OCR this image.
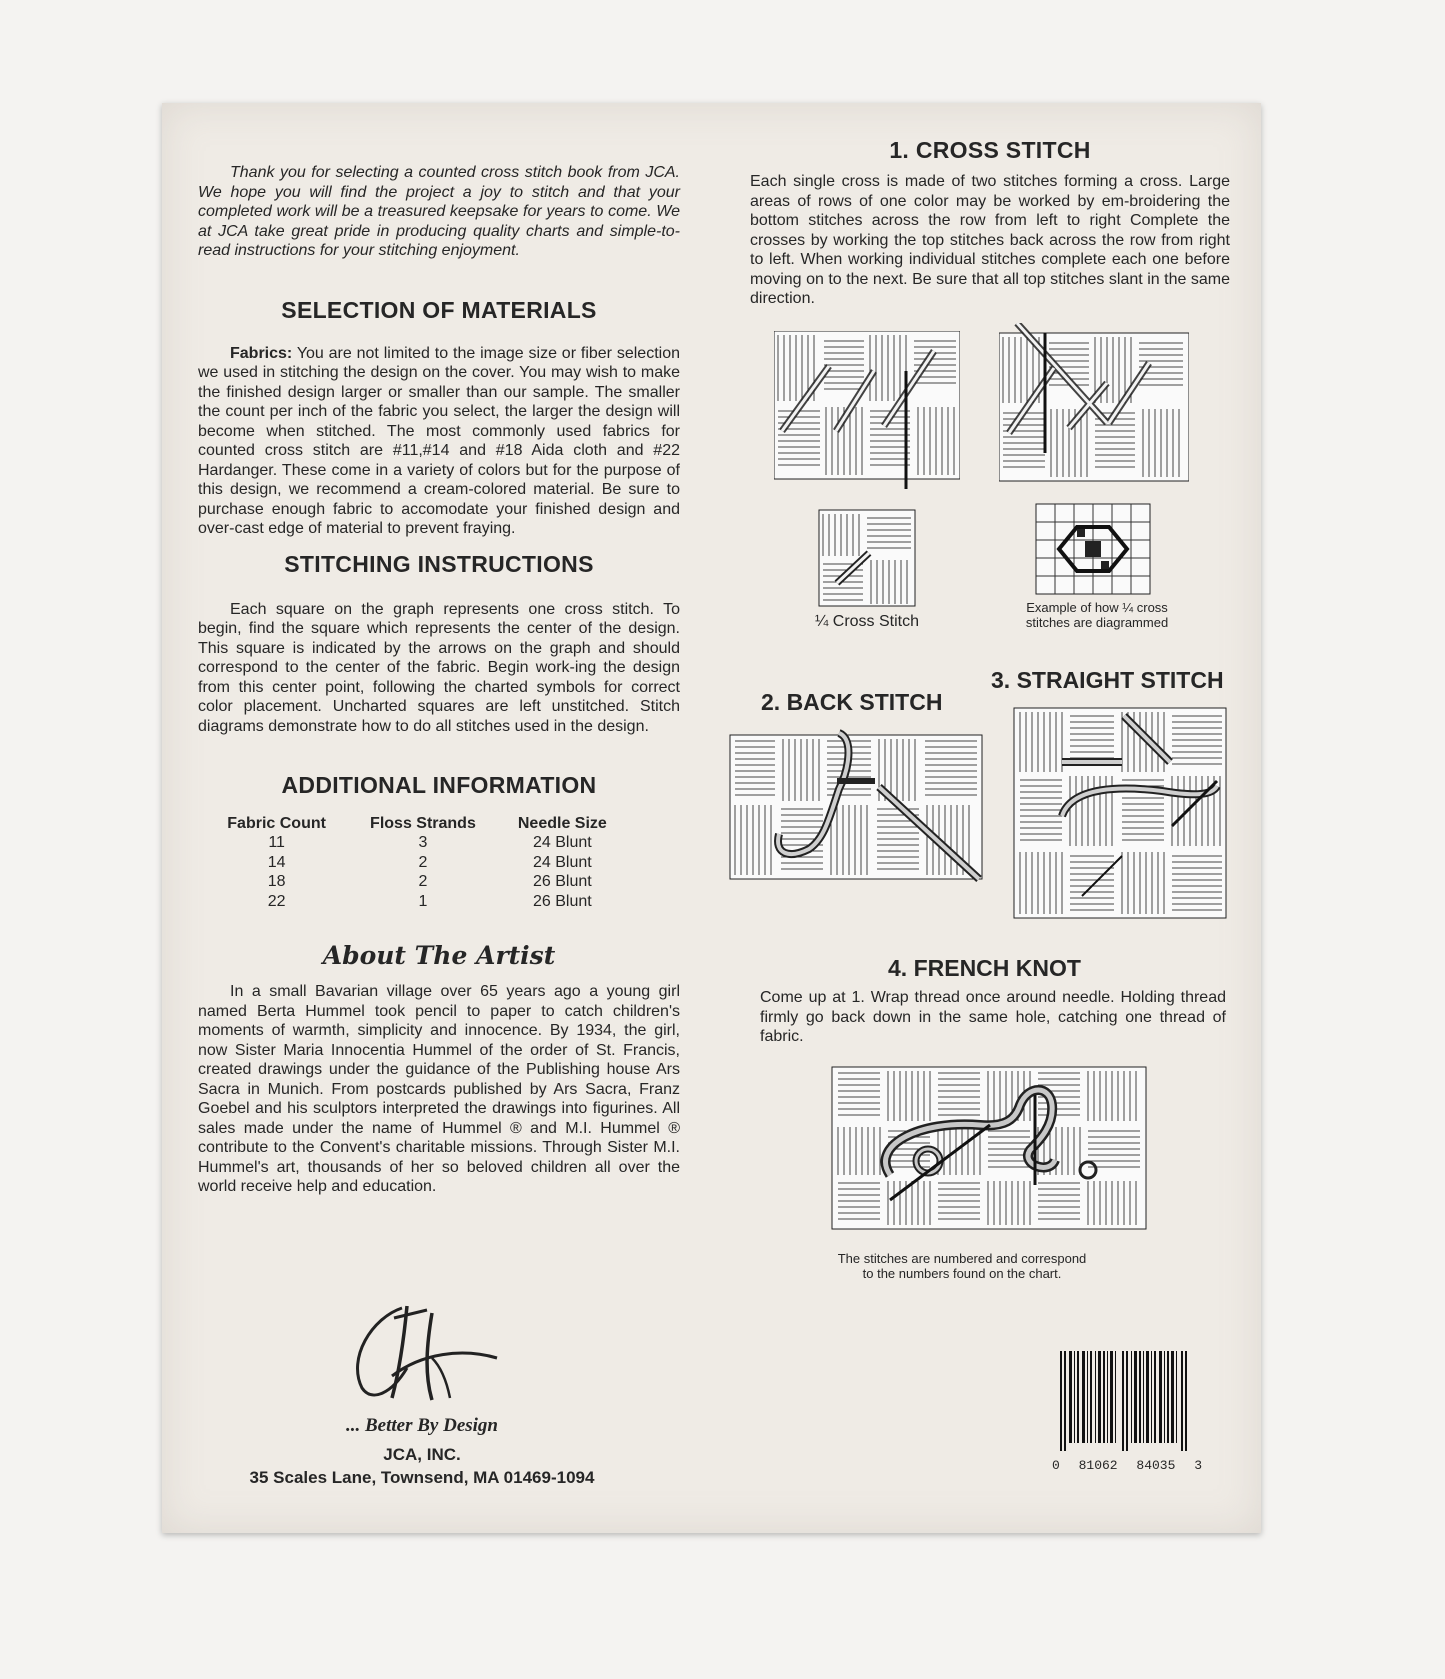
Thank you for selecting a counted cross stitch book from JCA. We hope you will find the project a joy to stitch and that your completed work will be a treasured keepsake for years to come. We at JCA take great pride in producing quality charts and simple-to-read instructions for your stitching enjoyment.

SELECTION OF MATERIALS

Fabrics: You are not limited to the image size or fiber selection we used in stitching the design on the cover. You may wish to make the finished design larger or smaller than our sample. The smaller the count per inch of the fabric you select, the larger the design will become when stitched. The most commonly used fabrics for counted cross stitch are #11,#14 and #18 Aida cloth and #22 Hardanger. These come in a variety of colors but for the purpose of this design, we recommend a cream-colored material. Be sure to purchase enough fabric to accomodate your finished design and over-cast edge of material to prevent fraying.

STITCHING INSTRUCTIONS

Each square on the graph represents one cross stitch. To begin, find the square which represents the center of the design. This square is indicated by the arrows on the graph and should correspond to the center of the fabric. Begin work-ing the design from this center point, following the charted symbols for correct color placement. Uncharted squares are left unstitched. Stitch diagrams demonstrate how to do all stitches used in the design.

ADDITIONAL INFORMATION
Fabric Count	Floss Strands	Needle Size
11	3	24 Blunt
14	2	24 Blunt
18	2	26 Blunt
22	1	26 Blunt
About The Artist

In a small Bavarian village over 65 years ago a young girl named Berta Hummel took pencil to paper to catch children's moments of warmth, simplicity and innocence. By 1934, the girl, now Sister Maria Innocentia Hummel of the order of St. Francis, created drawings under the guidance of the Publishing house Ars Sacra in Munich. From postcards published by Ars Sacra, Franz Goebel and his sculptors interpreted the drawings into figurines. All sales made under the name of Hummel ® and M.I. Hummel ® contribute to the Convent's charitable missions. Through Sister M.I. Hummel's art, thousands of her so beloved children all over the world receive help and education.

... Better By Design
JCA, INC.
35 Scales Lane, Townsend, MA 01469-1094
1. CROSS STITCH

Each single cross is made of two stitches forming a cross. Large areas of rows of one color may be worked by em-broidering the bottom stitches across the row from left to right Complete the crosses by working the top stitches back across the row from right to left. When working individual stitches complete each one before moving on to the next. Be sure that all top stitches slant in the same direction.

¼ Cross Stitch
Example of how ¼ cross
stitches are diagrammed
2. BACK STITCH
3. STRAIGHT STITCH
4. FRENCH KNOT

Come up at 1. Wrap thread once around needle. Holding thread firmly go back down in the same hole, catching one thread of fabric.

The stitches are numbered and correspond
to the numbers found on the chart.
0 81062 84035 3
